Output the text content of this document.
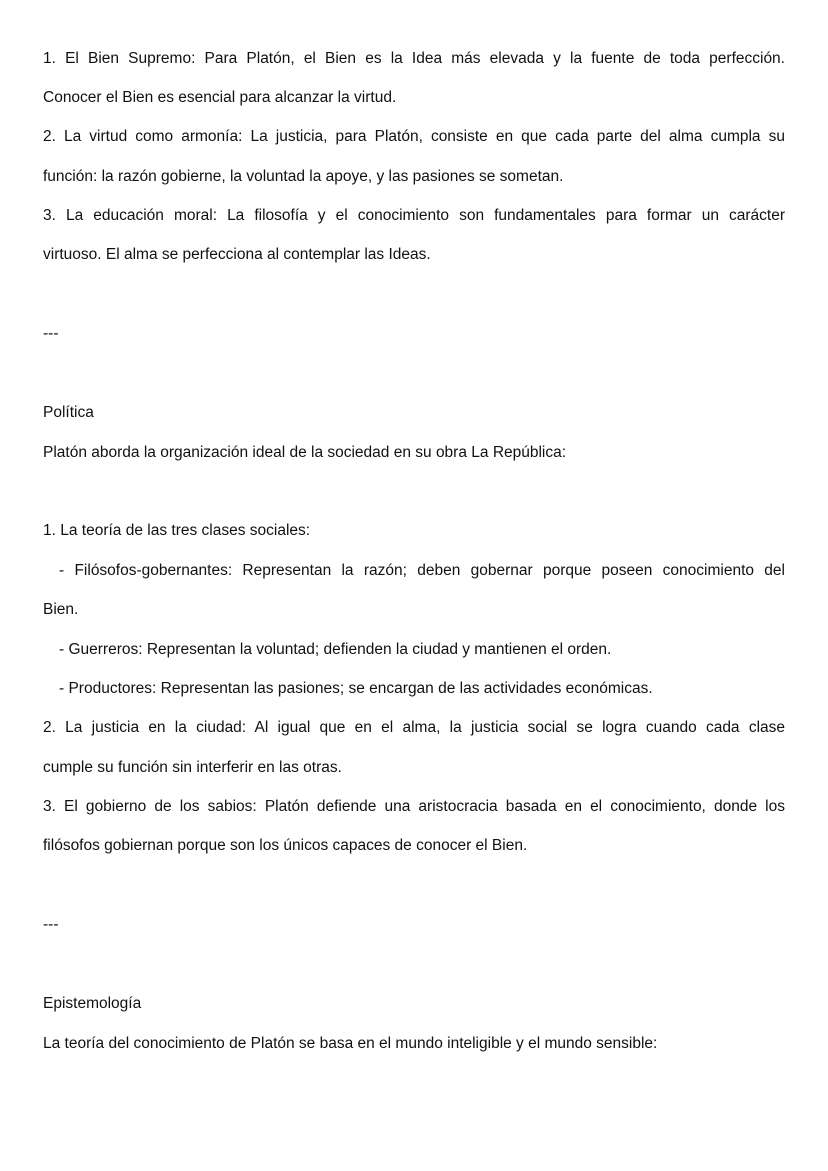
1. El Bien Supremo: Para Platón, el Bien es la Idea más elevada y la fuente de toda perfección.

Conocer el Bien es esencial para alcanzar la virtud.

2. La virtud como armonía: La justicia, para Platón, consiste en que cada parte del alma cumpla su

función: la razón gobierne, la voluntad la apoye, y las pasiones se sometan.

3. La educación moral: La filosofía y el conocimiento son fundamentales para formar un carácter

virtuoso. El alma se perfecciona al contemplar las Ideas.

---

Política

Platón aborda la organización ideal de la sociedad en su obra La República:

1. La teoría de las tres clases sociales:

- Filósofos-gobernantes: Representan la razón; deben gobernar porque poseen conocimiento del

Bien.

- Guerreros: Representan la voluntad; defienden la ciudad y mantienen el orden.

- Productores: Representan las pasiones; se encargan de las actividades económicas.

2. La justicia en la ciudad: Al igual que en el alma, la justicia social se logra cuando cada clase

cumple su función sin interferir en las otras.

3. El gobierno de los sabios: Platón defiende una aristocracia basada en el conocimiento, donde los

filósofos gobiernan porque son los únicos capaces de conocer el Bien.

---

Epistemología

La teoría del conocimiento de Platón se basa en el mundo inteligible y el mundo sensible:
